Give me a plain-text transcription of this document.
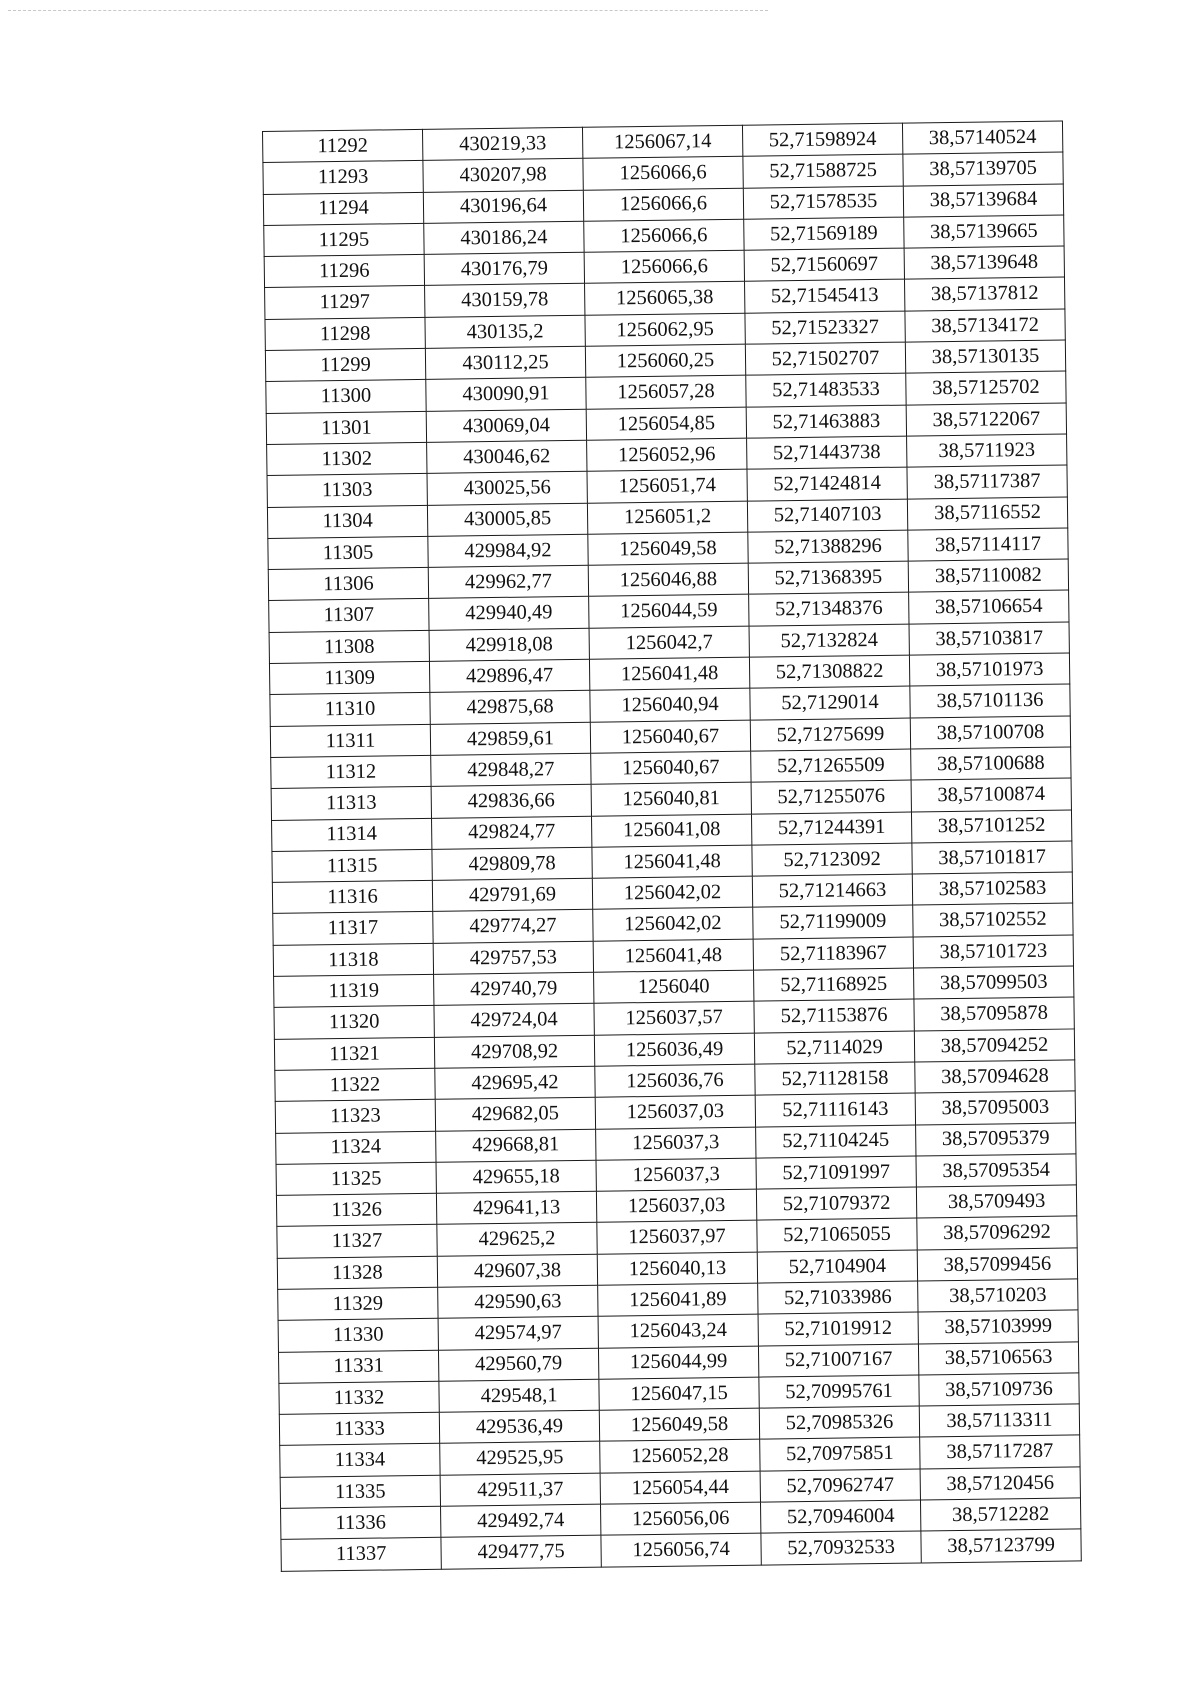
11292	430219,33	1256067,14	52,71598924	38,57140524
11293	430207,98	1256066,6	52,71588725	38,57139705
11294	430196,64	1256066,6	52,71578535	38,57139684
11295	430186,24	1256066,6	52,71569189	38,57139665
11296	430176,79	1256066,6	52,71560697	38,57139648
11297	430159,78	1256065,38	52,71545413	38,57137812
11298	430135,2	1256062,95	52,71523327	38,57134172
11299	430112,25	1256060,25	52,71502707	38,57130135
11300	430090,91	1256057,28	52,71483533	38,57125702
11301	430069,04	1256054,85	52,71463883	38,57122067
11302	430046,62	1256052,96	52,71443738	38,5711923
11303	430025,56	1256051,74	52,71424814	38,57117387
11304	430005,85	1256051,2	52,71407103	38,57116552
11305	429984,92	1256049,58	52,71388296	38,57114117
11306	429962,77	1256046,88	52,71368395	38,57110082
11307	429940,49	1256044,59	52,71348376	38,57106654
11308	429918,08	1256042,7	52,7132824	38,57103817
11309	429896,47	1256041,48	52,71308822	38,57101973
11310	429875,68	1256040,94	52,7129014	38,57101136
11311	429859,61	1256040,67	52,71275699	38,57100708
11312	429848,27	1256040,67	52,71265509	38,57100688
11313	429836,66	1256040,81	52,71255076	38,57100874
11314	429824,77	1256041,08	52,71244391	38,57101252
11315	429809,78	1256041,48	52,7123092	38,57101817
11316	429791,69	1256042,02	52,71214663	38,57102583
11317	429774,27	1256042,02	52,71199009	38,57102552
11318	429757,53	1256041,48	52,71183967	38,57101723
11319	429740,79	1256040	52,71168925	38,57099503
11320	429724,04	1256037,57	52,71153876	38,57095878
11321	429708,92	1256036,49	52,7114029	38,57094252
11322	429695,42	1256036,76	52,71128158	38,57094628
11323	429682,05	1256037,03	52,71116143	38,57095003
11324	429668,81	1256037,3	52,71104245	38,57095379
11325	429655,18	1256037,3	52,71091997	38,57095354
11326	429641,13	1256037,03	52,71079372	38,5709493
11327	429625,2	1256037,97	52,71065055	38,57096292
11328	429607,38	1256040,13	52,7104904	38,57099456
11329	429590,63	1256041,89	52,71033986	38,5710203
11330	429574,97	1256043,24	52,71019912	38,57103999
11331	429560,79	1256044,99	52,71007167	38,57106563
11332	429548,1	1256047,15	52,70995761	38,57109736
11333	429536,49	1256049,58	52,70985326	38,57113311
11334	429525,95	1256052,28	52,70975851	38,57117287
11335	429511,37	1256054,44	52,70962747	38,57120456
11336	429492,74	1256056,06	52,70946004	38,5712282
11337	429477,75	1256056,74	52,70932533	38,57123799
